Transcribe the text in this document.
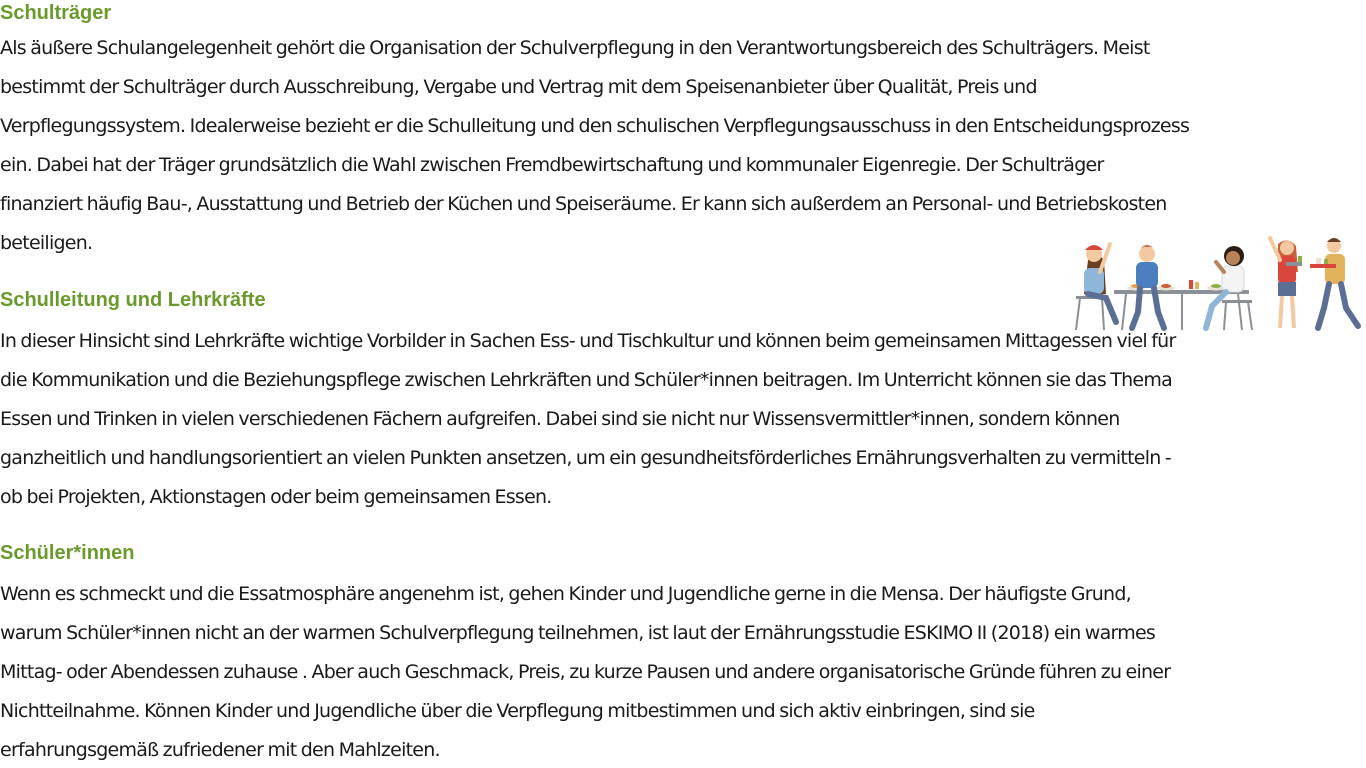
Schulträger
Als äußere Schulangelegenheit gehört die Organisation der Schulverpflegung in den Verantwortungsbereich des Schulträgers. Meist
bestimmt der Schulträger durch Ausschreibung, Vergabe und Vertrag mit dem Speisenanbieter über Qualität, Preis und
Verpflegungssystem. Idealerweise bezieht er die Schulleitung und den schulischen Verpflegungsausschuss in den Entscheidungsprozess
ein. Dabei hat der Träger grundsätzlich die Wahl zwischen Fremdbewirtschaftung und kommunaler Eigenregie. Der Schulträger
finanziert häufig Bau-, Ausstattung und Betrieb der Küchen und Speiseräume. Er kann sich außerdem an Personal- und Betriebskosten
beteiligen.
Schulleitung und Lehrkräfte
In dieser Hinsicht sind Lehrkräfte wichtige Vorbilder in Sachen Ess- und Tischkultur und können beim gemeinsamen Mittagessen viel für
die Kommunikation und die Beziehungspflege zwischen Lehrkräften und Schüler*innen beitragen. Im Unterricht können sie das Thema
Essen und Trinken in vielen verschiedenen Fächern aufgreifen. Dabei sind sie nicht nur Wissensvermittler*innen, sondern können
ganzheitlich und handlungsorientiert an vielen Punkten ansetzen, um ein gesundheitsförderliches Ernährungsverhalten zu vermitteln -
ob bei Projekten, Aktionstagen oder beim gemeinsamen Essen.
Schüler*innen
Wenn es schmeckt und die Essatmosphäre angenehm ist, gehen Kinder und Jugendliche gerne in die Mensa. Der häufigste Grund,
warum Schüler*innen nicht an der warmen Schulverpflegung teilnehmen, ist laut der Ernährungsstudie ESKIMO II (2018) ein warmes
Mittag- oder Abendessen zuhause . Aber auch Geschmack, Preis, zu kurze Pausen und andere organisatorische Gründe führen zu einer
Nichtteilnahme. Können Kinder und Jugendliche über die Verpflegung mitbestimmen und sich aktiv einbringen, sind sie
erfahrungsgemäß zufriedener mit den Mahlzeiten.
